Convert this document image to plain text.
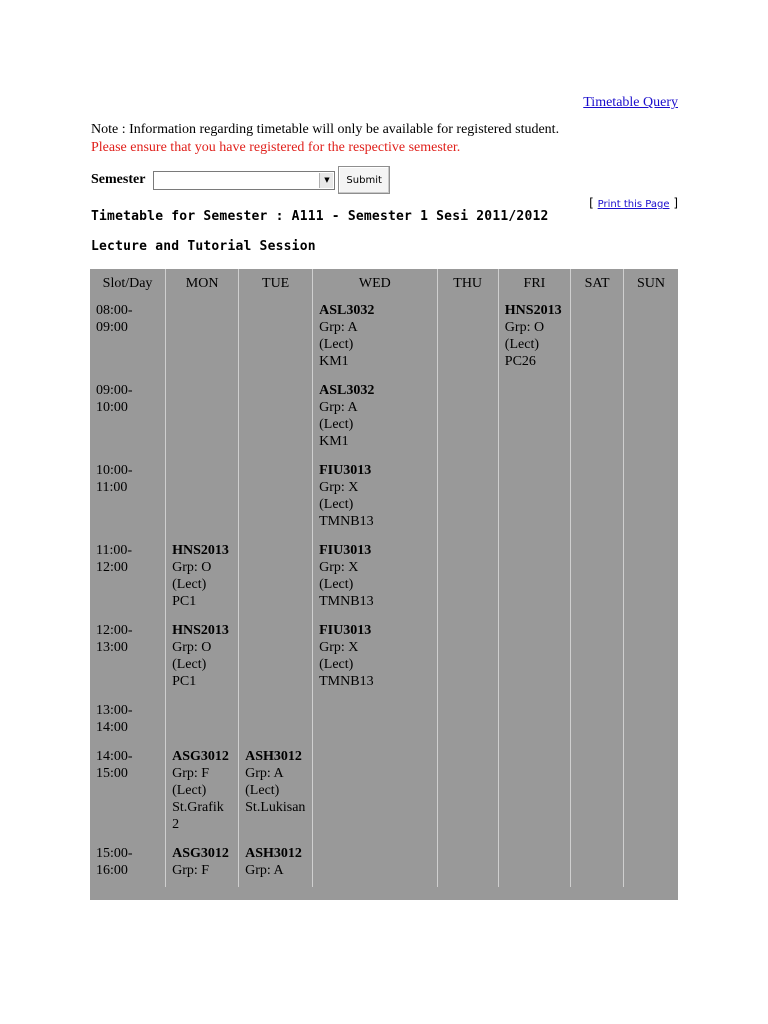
Timetable Query
Note : Information regarding timetable will only be available for registered student.
Please ensure that you have registered for the respective semester.
Semester	▼	Submit
[ Print this Page ]
Timetable for Semester : A111 - Semester 1 Sesi 2011/2012
Lecture and Tutorial Session
Slot/Day	MON	TUE	WED	THU	FRI	SAT	SUN
08:00-09:00			ASL3032
Grp: A
(Lect)
KM1		HNS2013
Grp: O
(Lect)
PC26		

09:00-10:00			ASL3032
Grp: A
(Lect)
KM1				

10:00-11:00			FIU3013
Grp: X
(Lect)
TMNB13				

11:00-12:00	HNS2013
Grp: O
(Lect)
PC1		FIU3013
Grp: X
(Lect)
TMNB13				

12:00-13:00	HNS2013
Grp: O
(Lect)
PC1		FIU3013
Grp: X
(Lect)
TMNB13				

13:00-14:00							
14:00-15:00	ASG3012
Grp: F
(Lect)
St.Grafik 2	ASH3012
Grp: A
(Lect)
St.Lukisan					

15:00-16:00	ASG3012
Grp: F	ASH3012
Grp: A					
